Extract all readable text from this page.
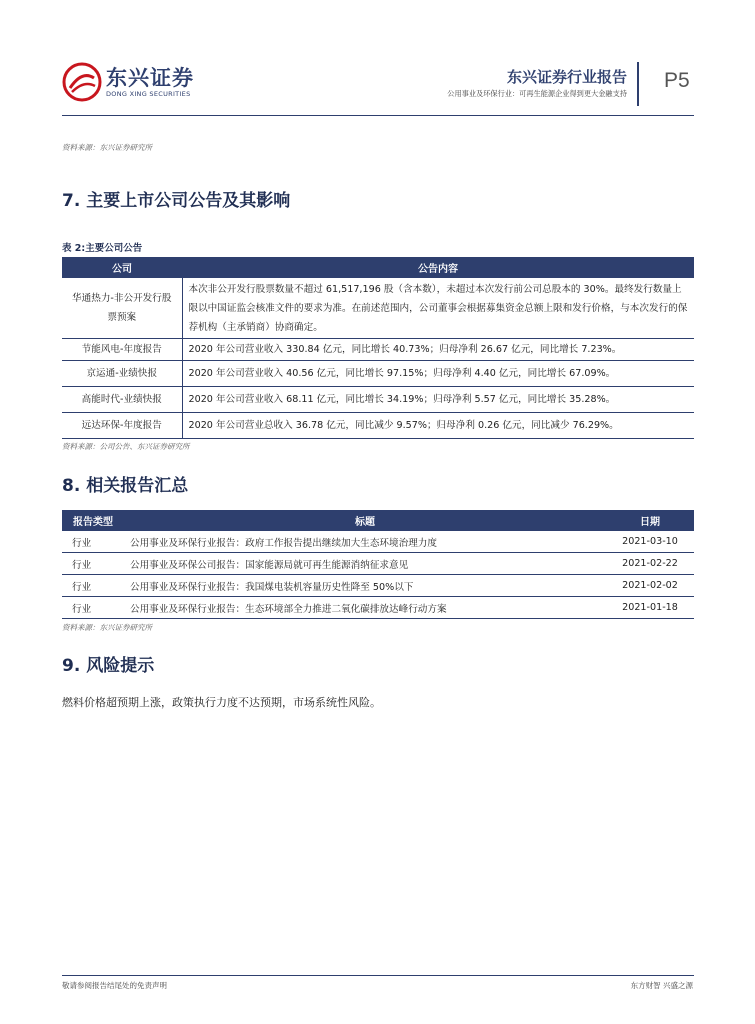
东兴证券
DONG XING SECURITIES
东兴证券行业报告
公用事业及环保行业：可再生能源企业得到更大金融支持
P5
资料来源：东兴证券研究所
7. 主要上市公司公告及其影响
表 2:主要公司公告
公司	公告内容
华通热力-非公开发行股票预案	本次非公开发行股票数量不超过 61,517,196 股（含本数），未超过本次发行前公司总股本的 30%。最终发行数量上限以中国证监会核准文件的要求为准。在前述范围内，公司董事会根据募集资金总额上限和发行价格，与本次发行的保荐机构（主承销商）协商确定。
节能风电-年度报告	2020 年公司营业收入 330.84 亿元，同比增长 40.73%；归母净利 26.67 亿元，同比增长 7.23%。
京运通-业绩快报	2020 年公司营业收入 40.56 亿元，同比增长 97.15%；归母净利 4.40 亿元，同比增长 67.09%。
高能时代-业绩快报	2020 年公司营业收入 68.11 亿元，同比增长 34.19%；归母净利 5.57 亿元，同比增长 35.28%。
远达环保-年度报告	2020 年公司营业总收入 36.78 亿元，同比减少 9.57%；归母净利 0.26 亿元，同比减少 76.29%。
资料来源：公司公告、东兴证券研究所
8. 相关报告汇总
报告类型	标题	日期
行业	公用事业及环保行业报告：政府工作报告提出继续加大生态环境治理力度	2021-03-10
行业	公用事业及环保公司报告：国家能源局就可再生能源消纳征求意见	2021-02-22
行业	公用事业及环保行业报告：我国煤电装机容量历史性降至 50%以下	2021-02-02
行业	公用事业及环保行业报告：生态环境部全力推进二氧化碳排放达峰行动方案	2021-01-18
资料来源：东兴证券研究所
9. 风险提示
燃料价格超预期上涨，政策执行力度不达预期，市场系统性风险。
敬请参阅报告结尾处的免责声明	东方财智 兴盛之源
